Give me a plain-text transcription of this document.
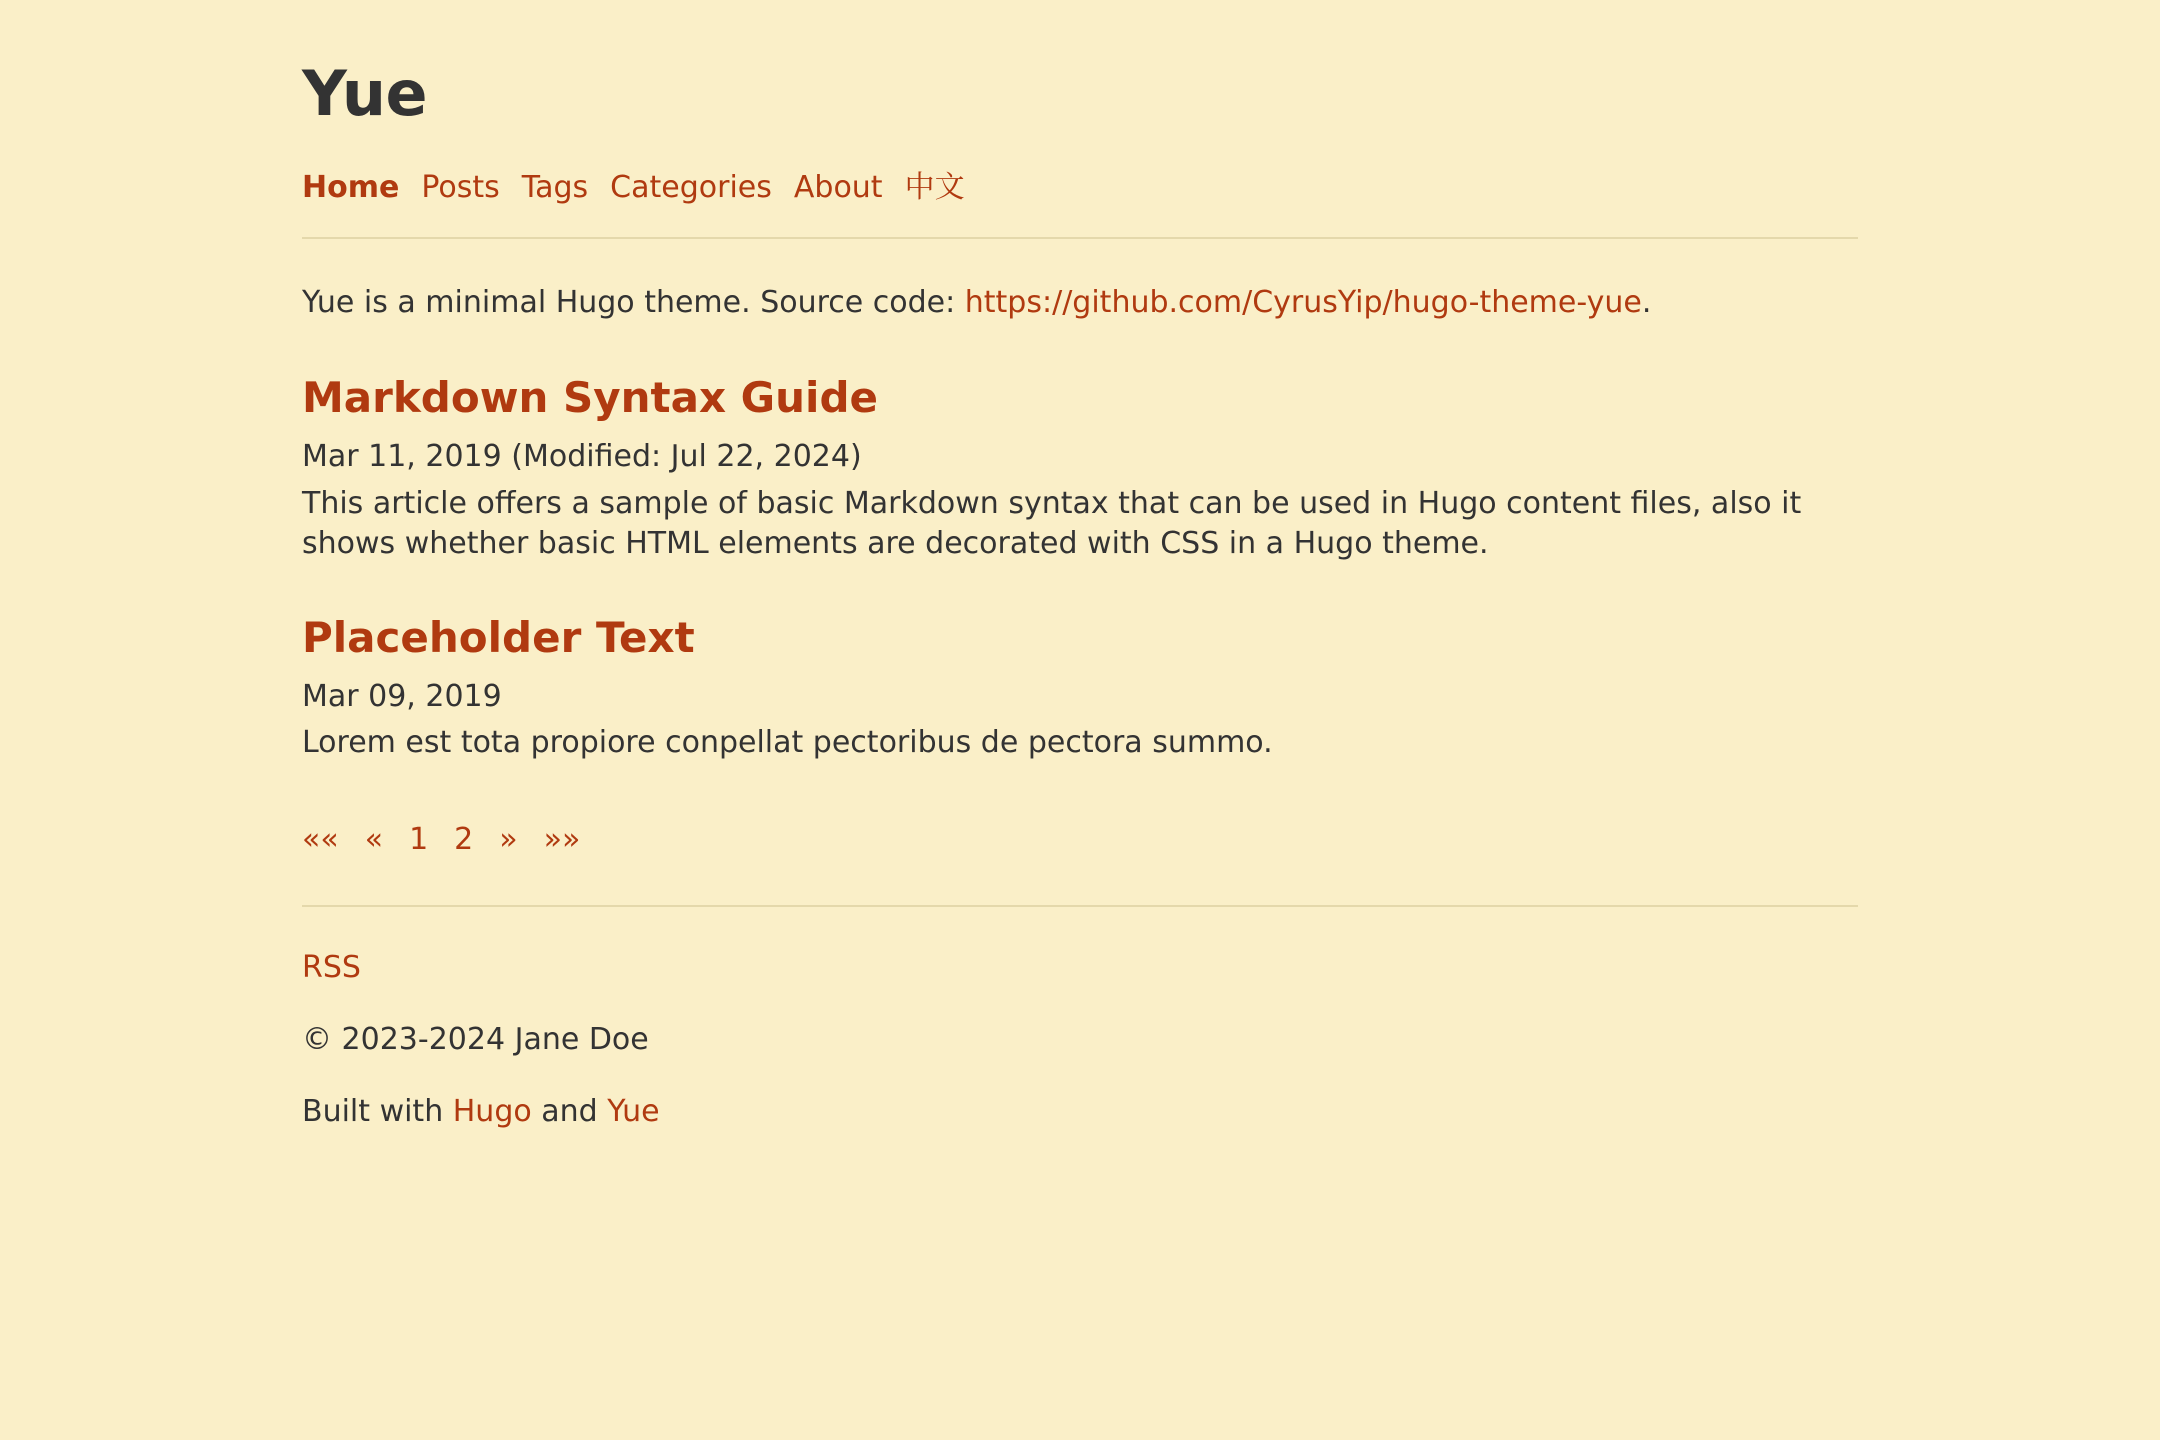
Yue
Home Posts Tags Categories About 中文

Yue is a minimal Hugo theme. Source code: https://github.com/CyrusYip/hugo-theme-yue.

Markdown Syntax Guide
Mar 11, 2019 (Modified: Jul 22, 2024)
This article offers a sample of basic Markdown syntax that can be used in Hugo content files, also it shows whether basic HTML elements are decorated with CSS in a Hugo theme.
Placeholder Text
Mar 09, 2019
Lorem est tota propiore conpellat pectoribus de pectora summo.
«« « 1 2 » »»
RSS
© 2023-2024 Jane Doe
Built with Hugo and Yue
